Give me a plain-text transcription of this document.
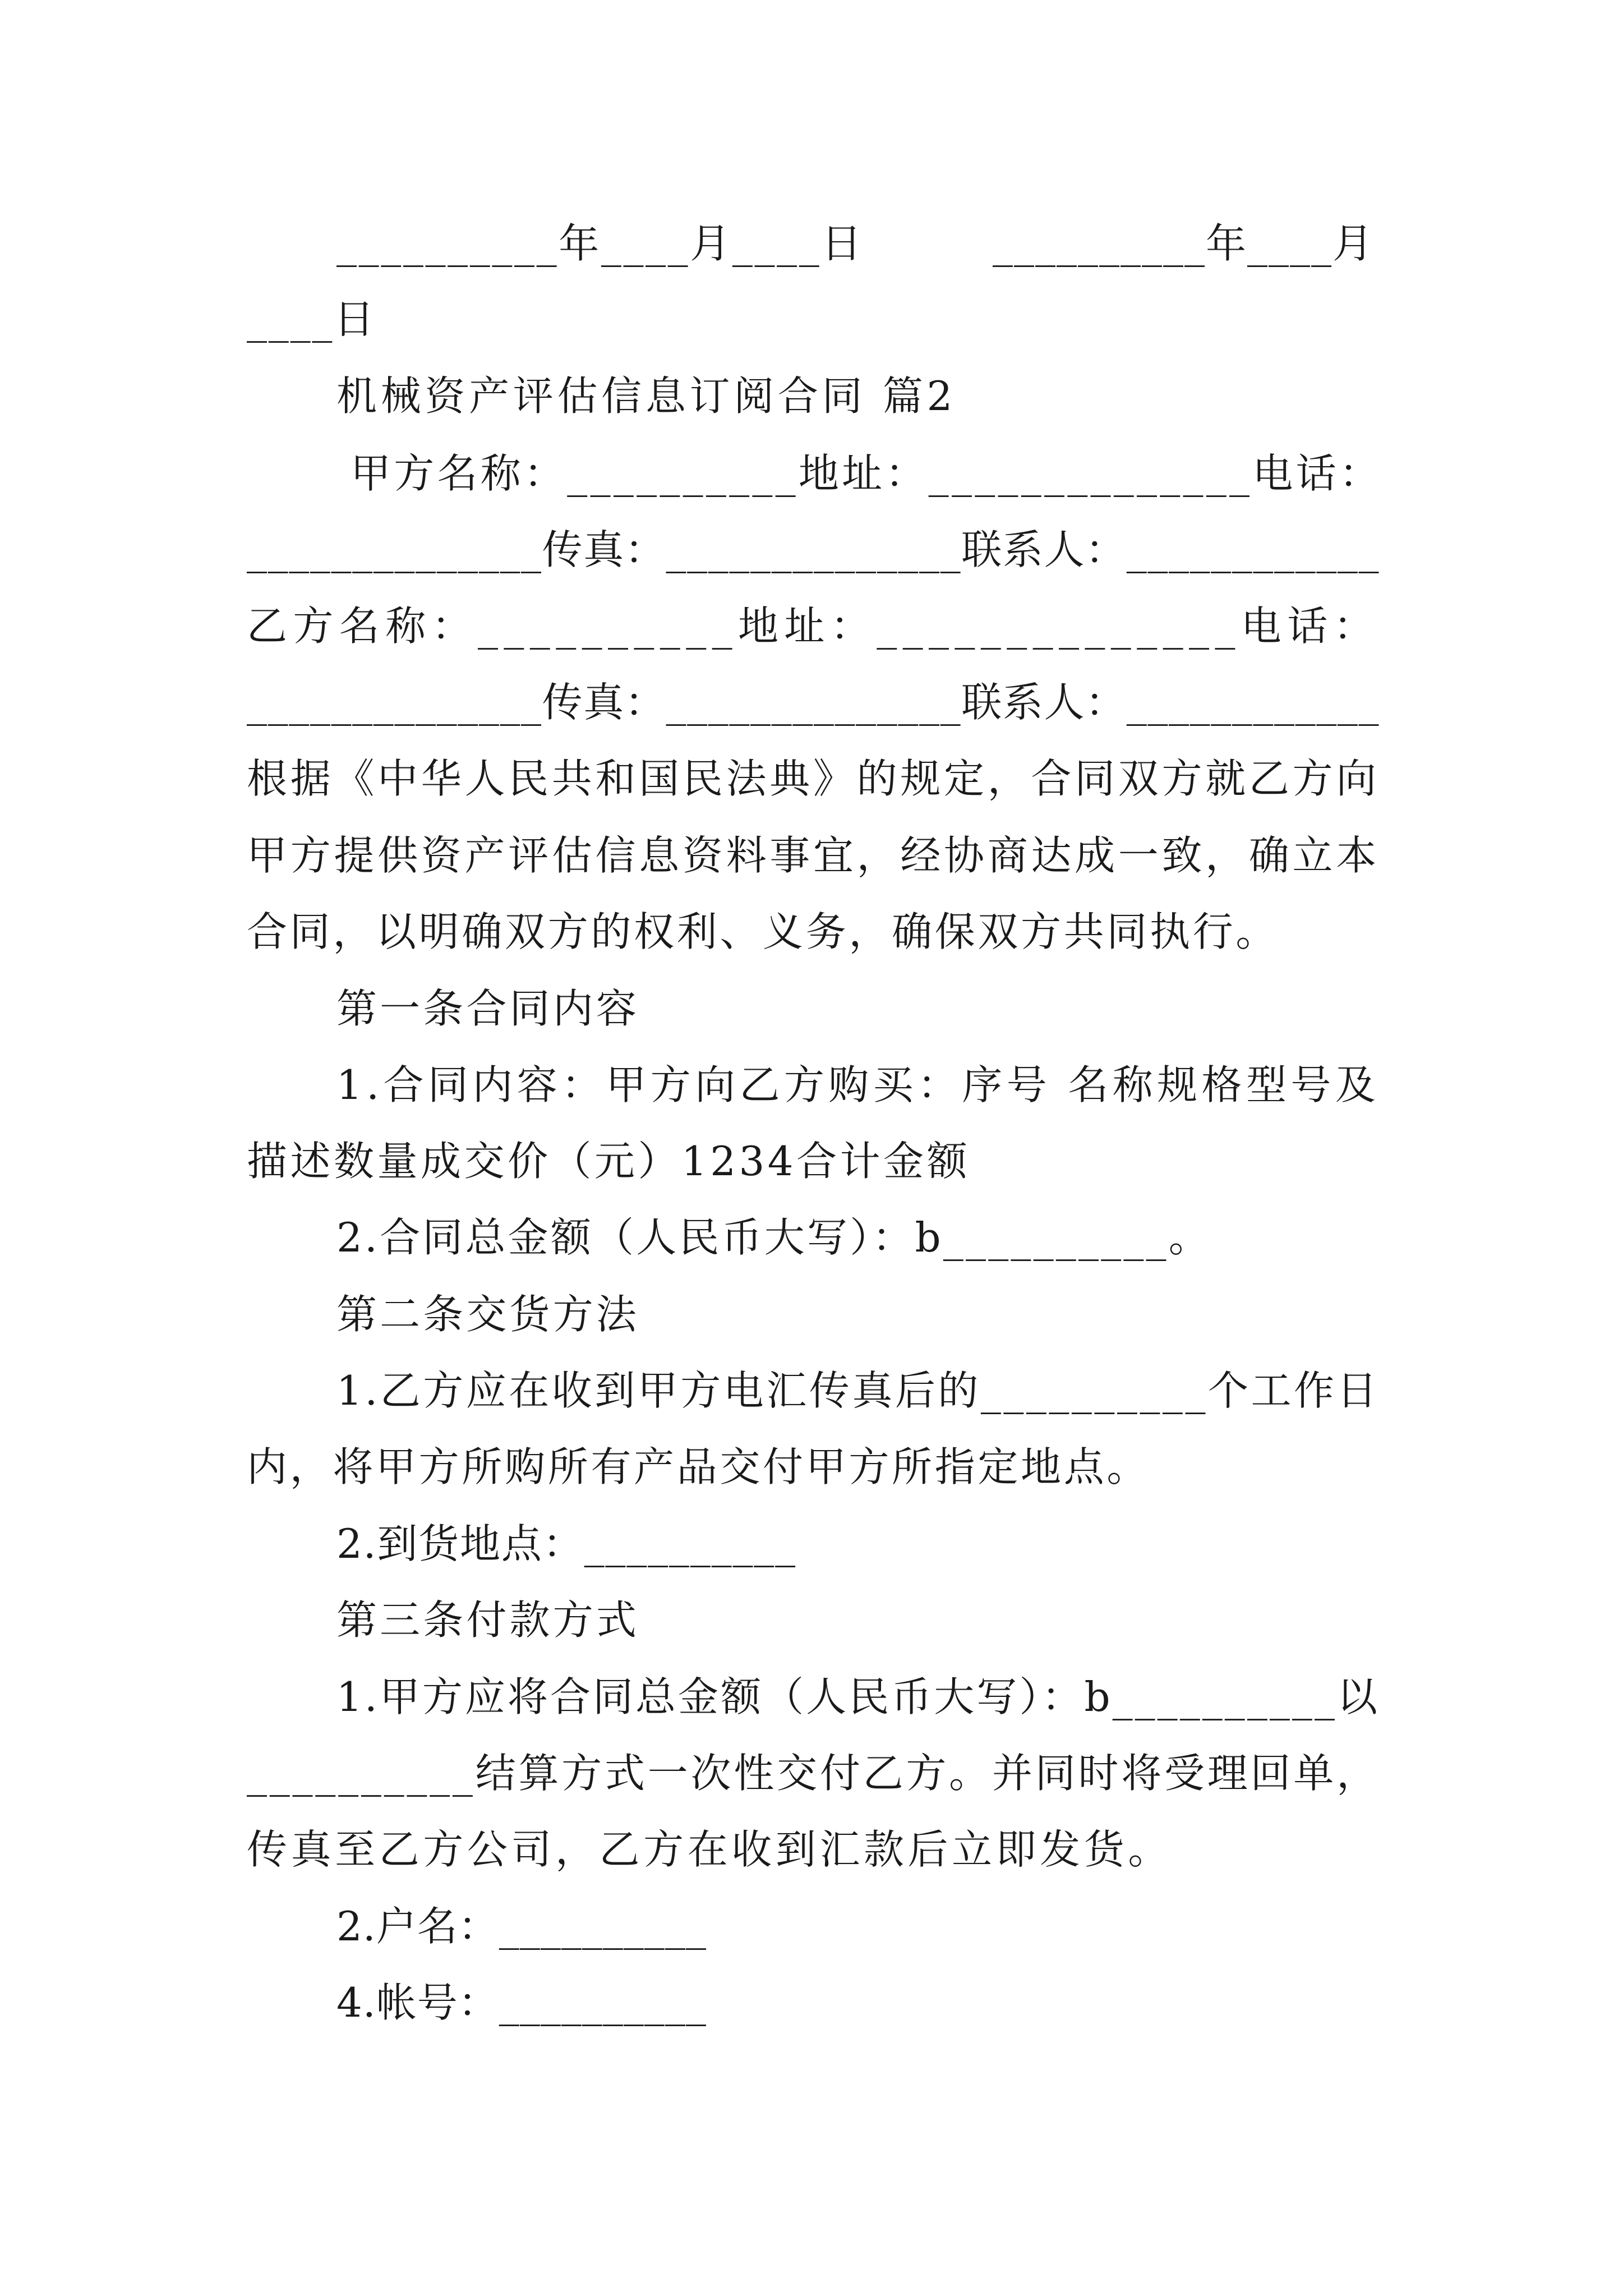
__________年____月____日	__________年____月
____日
机械资产评估信息订阅合同 篇2
甲方名称：__________地址：______________电话：
______________传真：______________联系人：____________
乙方名称：__________地址：______________电话：
______________传真：______________联系人：____________
根据《中华人民共和国民法典》的规定，合同双方就乙方向
甲方提供资产评估信息资料事宜，经协商达成一致，确立本
合同，以明确双方的权利、义务，确保双方共同执行。
第一条合同内容
1.合同内容：甲方向乙方购买：序号 名称规格型号及
描述数量成交价（元）1234合计金额
2.合同总金额（人民币大写）：b__________。
第二条交货方法
1.乙方应在收到甲方电汇传真后的__________个工作日
内，将甲方所购所有产品交付甲方所指定地点。
2.到货地点：__________
第三条付款方式
1.甲方应将合同总金额（人民币大写）：b__________以
__________结算方式一次性交付乙方。并同时将受理回单，
传真至乙方公司，乙方在收到汇款后立即发货。
2.户名：__________
4.帐号：__________
